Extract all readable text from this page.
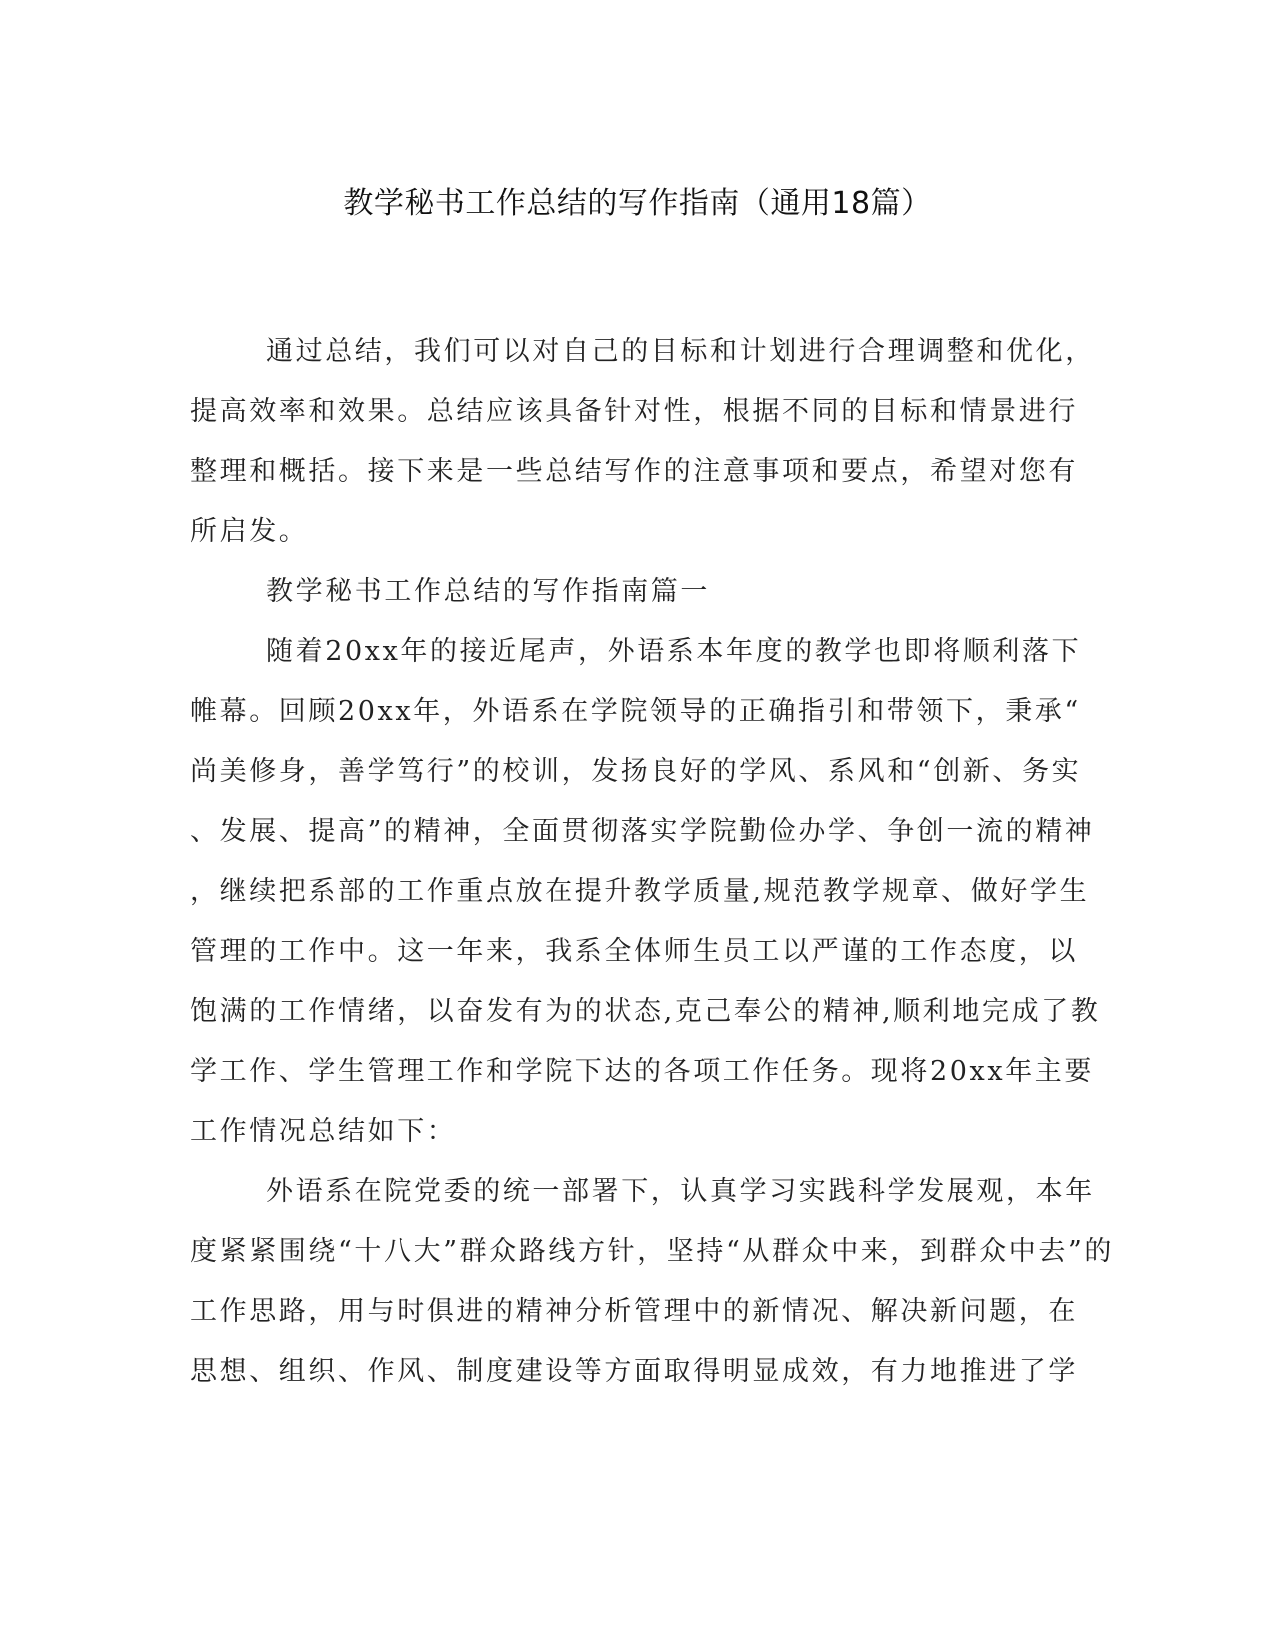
教学秘书工作总结的写作指南（通用18篇）
通过总结，我们可以对自己的目标和计划进行合理调整和优化，
提高效率和效果。总结应该具备针对性，根据不同的目标和情景进行
整理和概括。接下来是一些总结写作的注意事项和要点，希望对您有
所启发。
教学秘书工作总结的写作指南篇一
随着20xx年的接近尾声，外语系本年度的教学也即将顺利落下
帷幕。回顾20xx年，外语系在学院领导的正确指引和带领下，秉承“
尚美修身，善学笃行”的校训，发扬良好的学风、系风和“创新、务实
、发展、提高”的精神，全面贯彻落实学院勤俭办学、争创一流的精神
，继续把系部的工作重点放在提升教学质量,规范教学规章、做好学生
管理的工作中。这一年来，我系全体师生员工以严谨的工作态度，以
饱满的工作情绪，以奋发有为的状态,克己奉公的精神,顺利地完成了教
学工作、学生管理工作和学院下达的各项工作任务。现将20xx年主要
工作情况总结如下：
外语系在院党委的统一部署下，认真学习实践科学发展观，本年
度紧紧围绕“十八大”群众路线方针，坚持“从群众中来，到群众中去”的
工作思路，用与时俱进的精神分析管理中的新情况、解决新问题，在
思想、组织、作风、制度建设等方面取得明显成效，有力地推进了学
